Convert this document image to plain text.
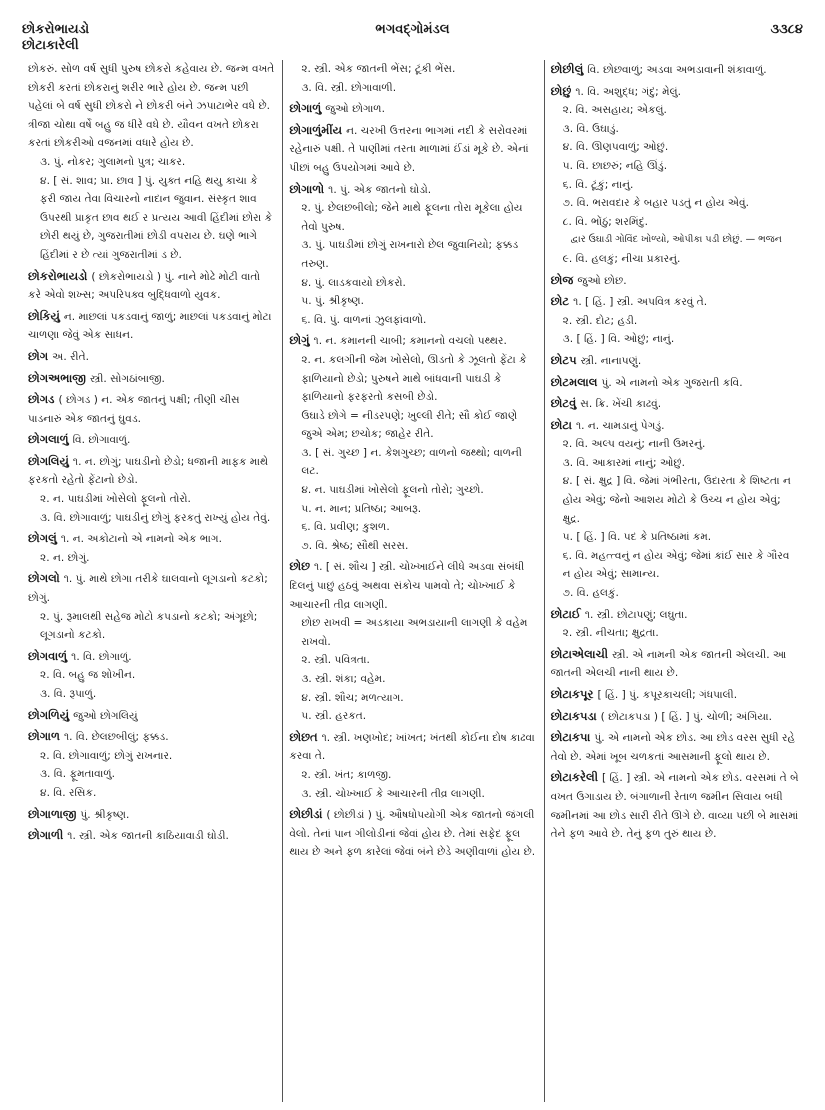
છોકરોભાયડો
છોટાકારેલી
ભગવદ્ગોમંડલ	૩૩૮૪
છોકરું. સોળ વર્ષ સુધી પુરુષ છોકરો કહેવાય છે. જન્મ વખતે છોકરી કરતાં છોકરાનું શરીર ભારે હોય છે. જન્મ પછી પહેલાં બે વર્ષ સુધી છોકરો ને છોકરી બંને ઝપાટાભેર વધે છે. ત્રીજા ચોથા વર્ષે બહુ જ ધીરે વધે છે. યૌવન વખતે છોકરા કરતાં છોકરીઓ વજનમાં વધારે હોય છે.
૩. પું. નોકર; ગુલામનો પુત્ર; ચાકર.
૪. [ સં. શાવ; પ્રા. છાવ ] પું. યુક્ત નહિ થયુ કાચા કે ફરી જાય તેવા વિચારનો નાદાન જુવાન. સંસ્કૃત શાવ ઉપરથી પ્રાકૃત છાવ થઈ ર પ્રત્યય આવી હિંદીમાં છોરા કે છોરી થયું છે, ગુજરાતીમાં છોડી વપરાય છે. ઘણે ભાગે હિંદીમાં ર છે ત્યાં ગુજરાતીમાં ડ છે.
છોકરોભાયડો ( છોકરોભાયડો ) પું. નાને મોઢે મોટી વાતો કરે એવો શખ્સ; અપરિપક્વ બુદ્ધિવાળો યુવક.
છોકિયું ન. માછલાં પકડવાનું જાળું; માછલાં પકડવાનું મોટા ચાળણા જેવું એક સાધન.
છોગ અ. રીતે.
છોગઅભાજી સ્ત્રી. સોગઠાંબાજી.
છોગડ ( છોગડ ) ન. એક જાતનું પક્ષી; તીણી ચીસ પાડનારું એક જાતનું ઘુવડ.
છોગલાળું વિ. છોગાવાળું.
છોગલિયું ૧. ન. છોગું; પાઘડીનો છેડો; ધજાની માફક માથે ફરકતો રહેતો ફેંટાનો છેડો.
૨. ન. પાઘડીમાં ખોસેલો ફૂલનો તોરો.
૩. વિ. છોગાવાળું; પાઘડીનું છોગું ફરકતું રાખ્યું હોય તેવું.
છોગલું ૧. ન. અકોટાનો એ નામનો એક ભાગ.
૨. ન. છોગું.
છોગલો ૧. પું. માથે છોગા તરીકે ઘાલવાનો લૂગડાનો કટકો; છોગું.
૨. પું. રૂમાલથી સહેજ મોટો કપડાનો કટકો; અંગૂછો; લૂગડાનો કટકો.
છોગવાળું ૧. વિ. છોગાળું.
૨. વિ. બહુ જ શોખીન.
૩. વિ. રૂપાળું.
છોગળિયું જુઓ છોગલિયું
છોગાળ ૧. વિ. છેલછબીલું; ફક્કડ.
૨. વિ. છોગાવાળું; છોગું રાખનાર.
૩. વિ. ફૂમતાવાળું.
૪. વિ. રસિક.
છોગાળાજી પું. શ્રીકૃષ્ણ.
છોગાળી ૧. સ્ત્રી. એક જાતની કાઠિયાવાડી ઘોડી.
૨. સ્ત્રી. એક જાતની ભેંસ; ટૂંકી ભેંસ.
૩. વિ. સ્ત્રી. છોગાવાળી.
છોગાળું જુઓ છોગાળ.
છોગાળુંમીંય ન. ચરખી ઉત્તરના ભાગમાં નદી કે સરોવરમાં રહેનારું પક્ષી. તે પાણીમાં તરતા માળામાં ઈંડાં મૂકે છે. એનાં પીછાં બહુ ઉપયોગમાં આવે છે.
છોગાળો ૧. પું. એક જાતનો ઘોડો.
૨. પું. છેલછબીલો; જેને માથે ફૂલના તોરા મૂકેલા હોય તેવો પુરુષ.
૩. પું. પાઘડીમાં છોગું રાખનારો છેલ જુવાનિયો; ફક્કડ તરુણ.
૪. પું. લાડકવાયો છોકરો.
૫. પું. શ્રીકૃષ્ણ.
૬. વિ. પું. વાળનાં ઝુલફાંવાળો.
છોગું ૧. ન. કમાનની ચાબી; કમાનનો વચલો પથ્થર.
૨. ન. કલગીની જેમ ખોસેલો, ઊડતો કે ઝૂલતો ફેંટા કે ફાળિયાનો છેડો; પુરુષને માથે બાંધવાની પાઘડી કે ફાળિયાનો ફરફરતો કસબી છેડો.
ઉઘાડે છોગે = નીડરપણે; ખુલ્લી રીતે; સૌ કોઈ જાણે જુએ એમ; છચોક; જાહેર રીતે.
૩. [ સં. ગુચ્છ ] ન. કેશગુચ્છ; વાળનો જથ્થો; વાળની લટ.
૪. ન. પાઘડીમાં ખોસેલો ફૂલનો તોરો; ગુચ્છો.
૫. ન. માન; પ્રતિષ્ઠા; આબરૂ.
૬. વિ. પ્રવીણ; કુશળ.
૭. વિ. શ્રેષ્ઠ; સૌથી સરસ.
છોછ ૧. [ સં. શૌચ ] સ્ત્રી. ચોખ્ખાઈને લીધે અડવા સંબંધી દિલનું પાછું હઠવું અથવા સંકોચ પામવો તે; ચોખ્ખાઈ કે આચારની તીવ્ર લાગણી.
છોછ રાખવી = અડકાયા અભડાયાની લાગણી કે વહેમ રાખવો.
૨. સ્ત્રી. પવિત્રતા.
૩. સ્ત્રી. શંકા; વહેમ.
૪. સ્ત્રી. શૌચ; મળત્યાગ.
૫. સ્ત્રી. હરકત.
છોછત ૧. સ્ત્રી. ખણખોદ; ખાંખત; ખંતથી કોઈના દોષ કાઢવા કરવા તે.
૨. સ્ત્રી. ખંત; કાળજી.
૩. સ્ત્રી. ચોખ્ખાઈ કે આચારની તીવ્ર લાગણી.
છોછીડાં ( છોછીડાં ) પું. ઔષધોપયોગી એક જાતનો જંગલી વેલો. તેનાં પાન ગીલોડીનાં જેવાં હોય છે. તેમાં સફેદ ફૂલ થાય છે અને ફળ કારેલાં જેવાં બંને છેડે અણીવાળાં હોય છે.
છોછીલું વિ. છોછવાળું; અડવા અભડાવાની શંકાવાળું.
છોછું ૧. વિ. અશુદ્ધ; ગંદું; મેલું.
૨. વિ. અસહાય; એકલું.
૩. વિ. ઉઘાડું.
૪. વિ. ઊણપવાળું; ઓછું.
૫. વિ. છાછરું; નહિ ઊંડું.
૬. વિ. ટૂંકું; નાનું.
૭. વિ. ભરાવદાર કે બહાર પડતું ન હોય એવું.
૮. વિ. ભોંઠું; શરમિંદું.
દ્વાર ઉઘાડી ગોવિંદ ખોળ્યો, ઓપીકા પડી છોછું. — ભજન
૯. વિ. હલકું; નીચા પ્રકારનું.
છોજ જુઓ છોછ.
છોટ ૧. [ હિં. ] સ્ત્રી. અપવિત્ર કરવું તે.
૨. સ્ત્રી. દોટ; હડી.
૩. [ હિં. ] વિ. ઓછું; નાનું.
છોટપ સ્ત્રી. નાનાપણું.
છોટમલાલ પું. એ નામનો એક ગુજરાતી કવિ.
છોટવું સ. ક્રિ. ખેંચી કાઢવું.
છોટા ૧. ન. ચામડાનું પેગડું.
૨. વિ. અલ્પ વયનું; નાની ઉમરનું.
૩. વિ. આકારમાં નાનું; ઓછું.
૪. [ સં. ક્ષુદ્ર ] વિ. જેમાં ગંભીરતા, ઉદારતા કે શિષ્ટતા ન હોય એવું; જેનો આશય મોટો કે ઉચ્ચ ન હોય એવું; ક્ષુદ્ર.
૫. [ હિં. ] વિ. પદ કે પ્રતિષ્ઠામાં કમ.
૬. વિ. મહત્ત્વનું ન હોય એવું; જેમાં કાંઈ સાર કે ગૌરવ ન હોય એવું; સામાન્ય.
૭. વિ. હલકું.
છોટાઈ ૧. સ્ત્રી. છોટાપણું; લઘુતા.
૨. સ્ત્રી. નીચતા; ક્ષુદ્રતા.
છોટાએલાચી સ્ત્રી. એ નામની એક જાતની એલચી. આ જાતની એલચી નાની થાય છે.
છોટાકપૂર [ હિં. ] પું. કપૂરકાચલી; ગંધપાલી.
છોટાકપડા ( છોટાકપડા ) [ હિં. ] પું. ચોળી; અંગિયા.
છોટાકપા પું. એ નામનો એક છોડ. આ છોડ વરસ સુધી રહે તેવો છે. એમાં ખૂબ ચળકતાં આસમાની ફૂલો થાય છે.
છોટાકરેલી [ હિં. ] સ્ત્રી. એ નામનો એક છોડ. વરસમાં તે બે વખત ઉગાડાય છે. બંગાળાની રેતાળ જમીન સિવાય બધી જમીનમાં આ છોડ સારી રીતે ઊગે છે. વાવ્યા પછી બે માસમાં તેને ફળ આવે છે. તેનું ફળ તુરું થાય છે.
